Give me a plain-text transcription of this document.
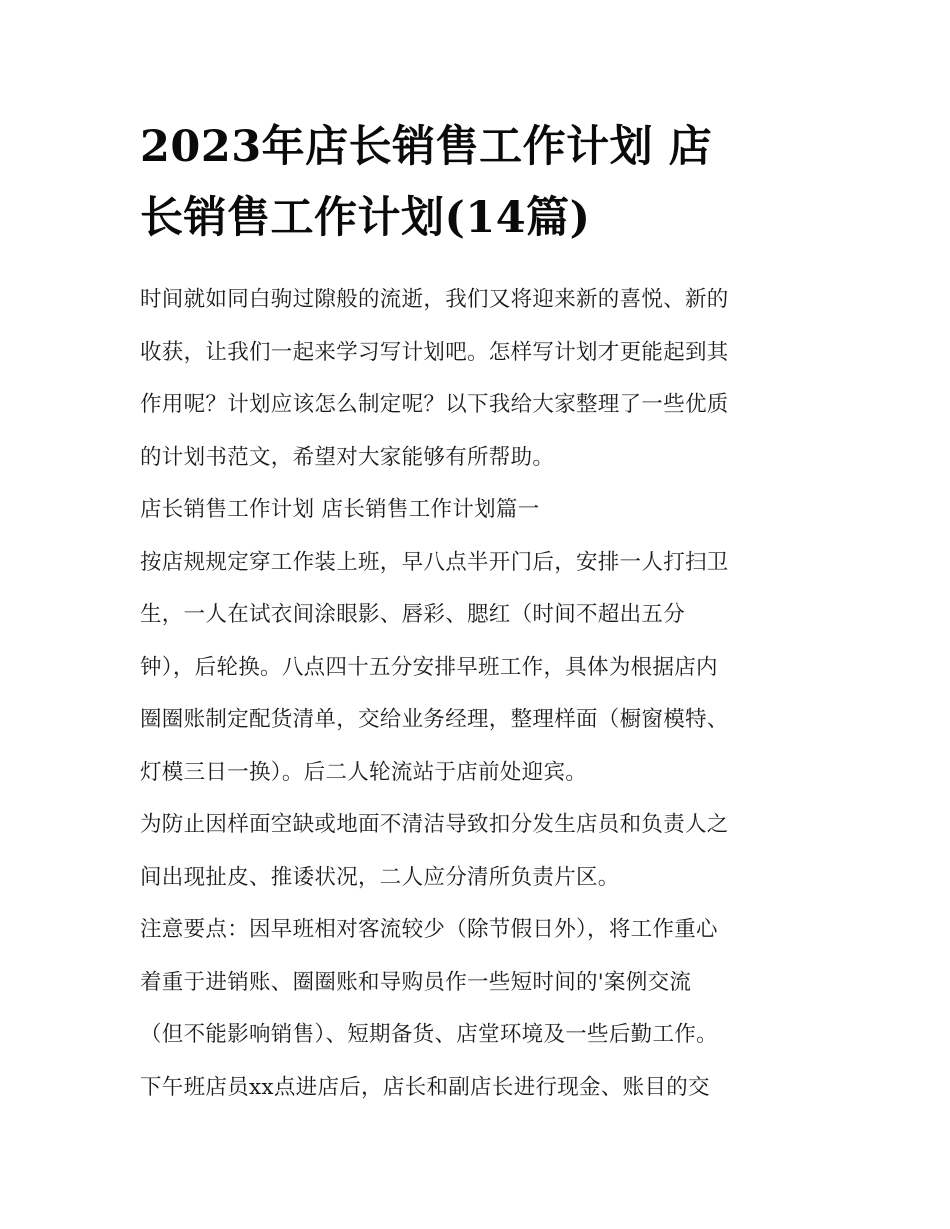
2023年店长销售工作计划 店
长销售工作计划(14篇)

时间就如同白驹过隙般的流逝，我们又将迎来新的喜悦、新的
收获，让我们一起来学习写计划吧。怎样写计划才更能起到其
作用呢？计划应该怎么制定呢？以下我给大家整理了一些优质
的计划书范文，希望对大家能够有所帮助。

店长销售工作计划 店长销售工作计划篇一

按店规规定穿工作装上班，早八点半开门后，安排一人打扫卫
生，一人在试衣间涂眼影、唇彩、腮红（时间不超出五分
钟），后轮换。八点四十五分安排早班工作，具体为根据店内
圈圈账制定配货清单，交给业务经理，整理样面（橱窗模特、
灯模三日一换）。后二人轮流站于店前处迎宾。

为防止因样面空缺或地面不清洁导致扣分发生店员和负责人之
间出现扯皮、推诿状况，二人应分清所负责片区。

注意要点：因早班相对客流较少（除节假日外），将工作重心
着重于进销账、圈圈账和导购员作一些短时间的'案例交流
（但不能影响销售）、短期备货、店堂环境及一些后勤工作。

下午班店员xx点进店后，店长和副店长进行现金、账目的交
